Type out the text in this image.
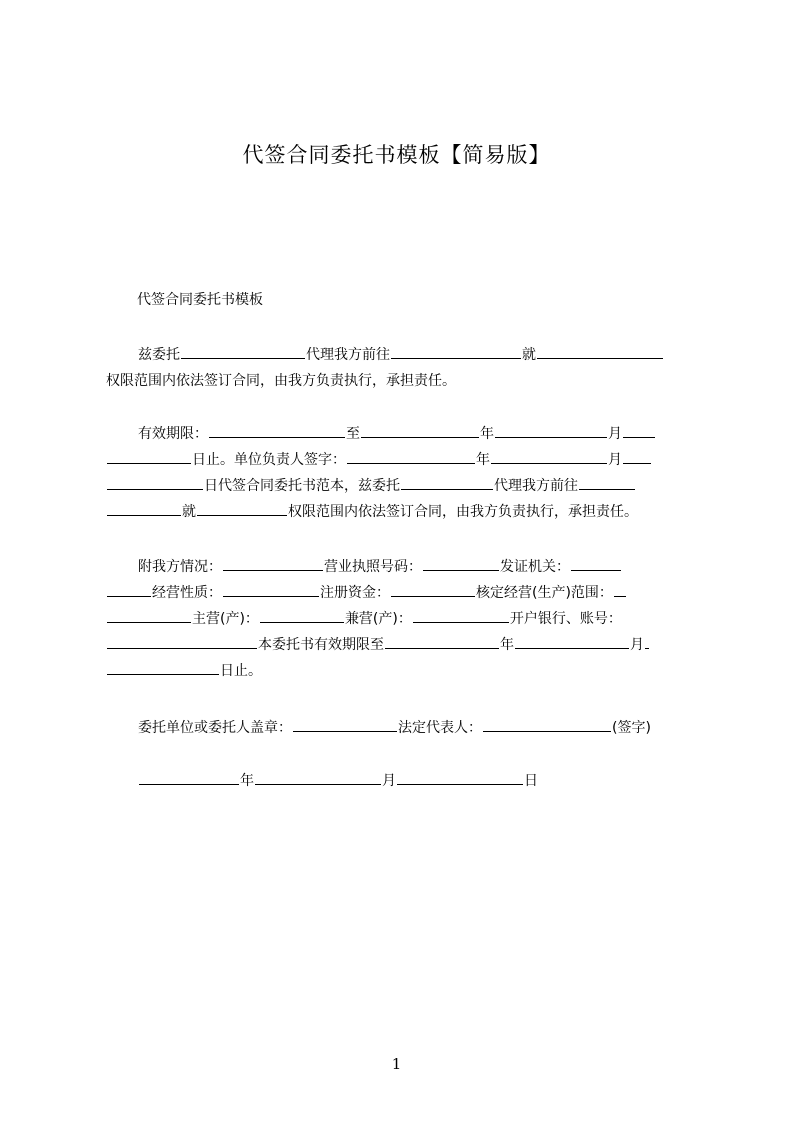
代签合同委托书模板【简易版】

代签合同委托书模板

兹委托	代理我方前往	就
权限范围内依法签订合同，由我方负责执行，承担责任。

有效期限：	至	年	月
日止。单位负责人签字：	年	月
日代签合同委托书范本，兹委托	代理我方前往
就	权限范围内依法签订合同，由我方负责执行，承担责任。

附我方情况：	营业执照号码：	发证机关：
经营性质：	注册资金：	核定经营(生产)范围：
主营(产)：	兼营(产)：	开户银行、账号：
本委托书有效期限至	年	月
日止。

委托单位或委托人盖章：	法定代表人：	(签字)

年	月	日

1
